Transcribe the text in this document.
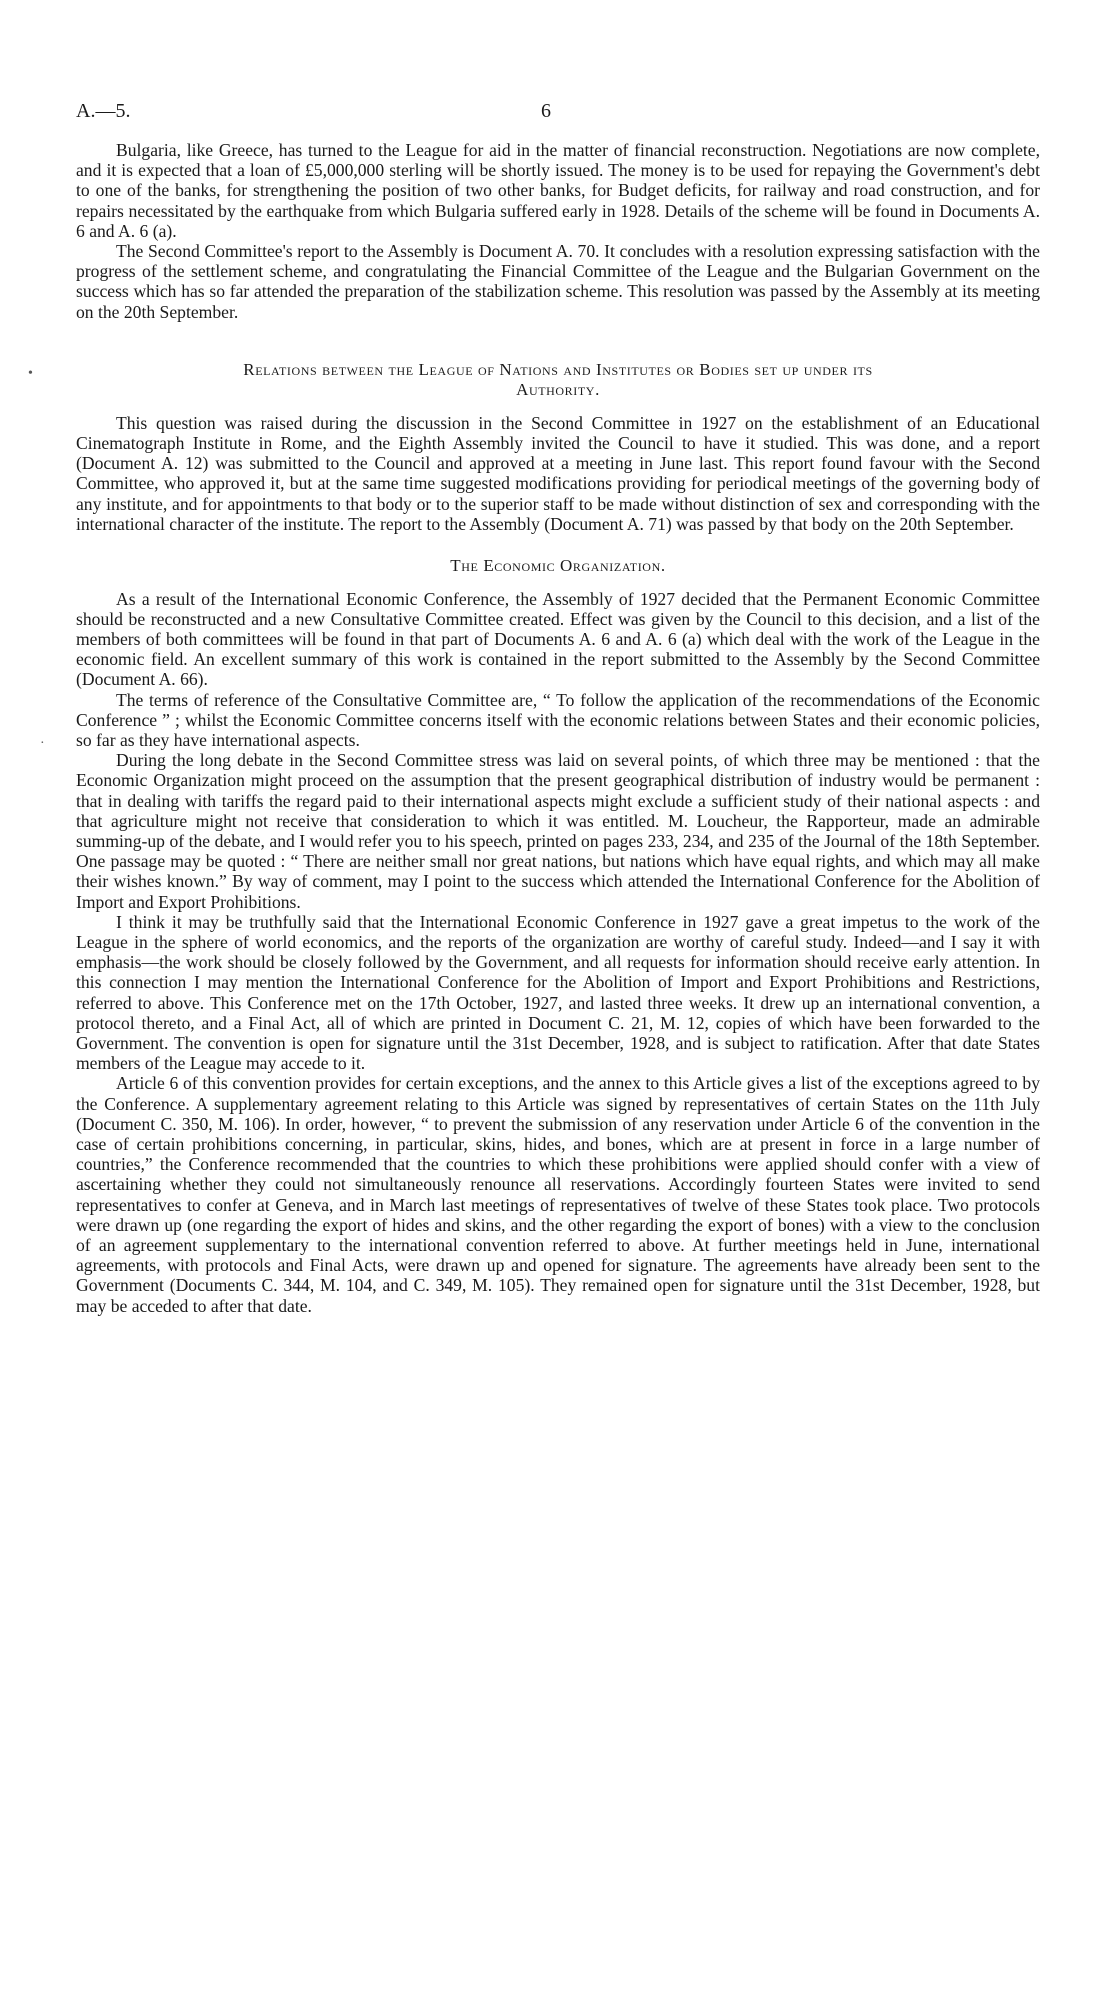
•
·
A.—5.	6

Bulgaria, like Greece, has turned to the League for aid in the matter of financial reconstruction. Negotiations are now complete, and it is expected that a loan of £5,000,000 sterling will be shortly issued. The money is to be used for repaying the Government's debt to one of the banks, for strengthening the position of two other banks, for Budget deficits, for railway and road construction, and for repairs necessitated by the earthquake from which Bulgaria suffered early in 1928. Details of the scheme will be found in Documents A. 6 and A. 6 (a).

The Second Committee's report to the Assembly is Document A. 70. It concludes with a resolution expressing satisfaction with the progress of the settlement scheme, and congratulating the Financial Committee of the League and the Bulgarian Government on the success which has so far attended the preparation of the stabilization scheme. This resolution was passed by the Assembly at its meeting on the 20th September.

Relations between the League of Nations and Institutes or Bodies set up under its
Authority.

This question was raised during the discussion in the Second Committee in 1927 on the establishment of an Educational Cinematograph Institute in Rome, and the Eighth Assembly invited the Council to have it studied. This was done, and a report (Document A. 12) was submitted to the Council and approved at a meeting in June last. This report found favour with the Second Committee, who approved it, but at the same time suggested modifications providing for periodical meetings of the governing body of any institute, and for appointments to that body or to the superior staff to be made without distinction of sex and corresponding with the international character of the institute. The report to the Assembly (Document A. 71) was passed by that body on the 20th September.

The Economic Organization.

As a result of the International Economic Conference, the Assembly of 1927 decided that the Permanent Economic Committee should be reconstructed and a new Consultative Committee created. Effect was given by the Council to this decision, and a list of the members of both committees will be found in that part of Documents A. 6 and A. 6 (a) which deal with the work of the League in the economic field. An excellent summary of this work is contained in the report submitted to the Assembly by the Second Committee (Document A. 66).

The terms of reference of the Consultative Committee are, “ To follow the application of the recommendations of the Economic Conference ” ; whilst the Economic Committee concerns itself with the economic relations between States and their economic policies, so far as they have international aspects.

During the long debate in the Second Committee stress was laid on several points, of which three may be mentioned : that the Economic Organization might proceed on the assumption that the present geographical distribution of industry would be permanent : that in dealing with tariffs the regard paid to their international aspects might exclude a sufficient study of their national aspects : and that agriculture might not receive that consideration to which it was entitled. M. Loucheur, the Rapporteur, made an admirable summing-up of the debate, and I would refer you to his speech, printed on pages 233, 234, and 235 of the Journal of the 18th September. One passage may be quoted : “ There are neither small nor great nations, but nations which have equal rights, and which may all make their wishes known.” By way of comment, may I point to the success which attended the International Conference for the Abolition of Import and Export Prohibitions.

I think it may be truthfully said that the International Economic Conference in 1927 gave a great impetus to the work of the League in the sphere of world economics, and the reports of the organization are worthy of careful study. Indeed—and I say it with emphasis—the work should be closely followed by the Government, and all requests for information should receive early attention. In this connection I may mention the International Conference for the Abolition of Import and Export Prohibitions and Restrictions, referred to above. This Conference met on the 17th October, 1927, and lasted three weeks. It drew up an international convention, a protocol thereto, and a Final Act, all of which are printed in Document C. 21, M. 12, copies of which have been forwarded to the Government. The convention is open for signature until the 31st December, 1928, and is subject to ratification. After that date States members of the League may accede to it.

Article 6 of this convention provides for certain exceptions, and the annex to this Article gives a list of the exceptions agreed to by the Conference. A supplementary agreement relating to this Article was signed by representatives of certain States on the 11th July (Document C. 350, M. 106). In order, however, “ to prevent the submission of any reservation under Article 6 of the convention in the case of certain prohibitions concerning, in particular, skins, hides, and bones, which are at present in force in a large number of countries,” the Conference recommended that the countries to which these prohibitions were applied should confer with a view of ascertaining whether they could not simultaneously renounce all reservations. Accordingly fourteen States were invited to send representatives to confer at Geneva, and in March last meetings of representatives of twelve of these States took place. Two protocols were drawn up (one regarding the export of hides and skins, and the other regarding the export of bones) with a view to the conclusion of an agreement supplementary to the international convention referred to above. At further meetings held in June, international agreements, with protocols and Final Acts, were drawn up and opened for signature. The agreements have already been sent to the Government (Documents C. 344, M. 104, and C. 349, M. 105). They remained open for signature until the 31st December, 1928, but may be acceded to after that date.
